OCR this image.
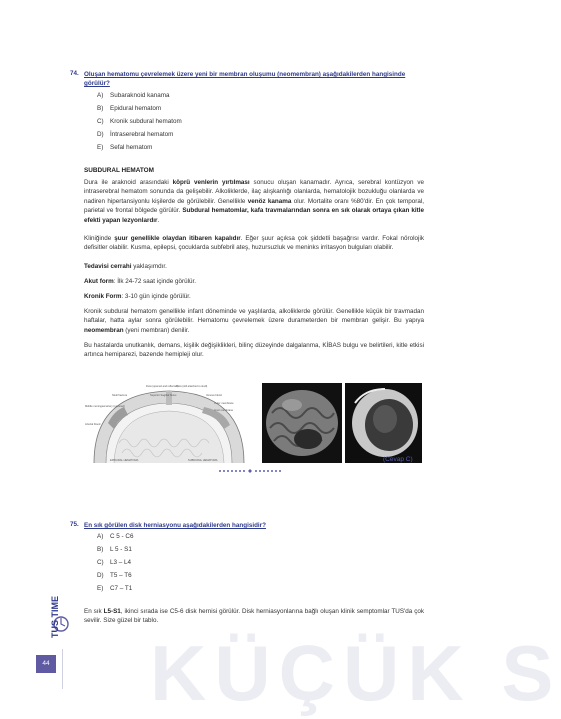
74. Oluşan hematomu çevrelemek üzere yeni bir membran oluşumu (neomembran) aşağıdakilerden hangisinde görülür?
A) Subaraknoid kanama
B) Epidural hematom
C) Kronik subdural hematom
D) İntraserebral hematom
E) Sefal hematom
SUBDURAL HEMATOM
Dura ile araknoid arasındaki köprü venlerin yırtılması sonucu oluşan kanamadır. Ayrıca, serebral kontüzyon ve intraserebral hematom sonunda da gelişebilir. Alkoliklerde, ilaç alışkanlığı olanlarda, hematolojik bozukluğu olanlarda ve nadiren hipertansiyonlu kişilerde de görülebilir. Genellikle venöz kanama olur. Mortalite oranı %80'dir. En çok temporal, parietal ve frontal bölgede görülür. Subdural hematomlar, kafa travmalarından sonra en sık olarak ortaya çıkan kitle efekti yapan lezyonlardır.
Kliniğinde şuur genellikle olaydan itibaren kapalıdır. Eğer şuur açıksa çok şiddetli başağrısı vardır. Fokal nörolojik defisitler olabilir. Kusma, epilepsi, çocuklarda subfebril ateş, huzursuzluk ve meninks irritasyon bulguları olabilir.
Tedavisi cerrahi yaklaşımdır.
Akut form: İlk 24-72 saat içinde görülür.
Kronik Form: 3-10 gün içinde görülür.
Kronik subdural hematom genellikle infant döneminde ve yaşlılarda, alkoliklerde görülür. Genellikle küçük bir travmadan haftalar, hatta aylar sonra görülebilir. Hematomu çevrelemek üzere durameterden bir membran gelişir. Bu yapıya neomembran (yeni membran) denilir.
Bu hastalarda unutkanlık, demans, kişilik değişiklikleri, bilinç düzeyinde dalgalanma, KİBAS bulgu ve belirtileri, kitle etkisi artınca hemiparezi, bazende hemipleji olur.
Dura (opened and reflected)
Dura (still attached to skull)
Skull fracture	Superior Sagittal Sinus	Venous blood
Middle meningeal artery (ruptured)
Outer membrane
Inner membrane
Arterial blood
EPIDURAL HEMATOMA	SUBDURAL HEMATOMA	(Cevap C)
75. En sık görülen disk herniasyonu aşağıdakilerden hangisidir?
A) C 5 - C6
B) L 5 - S1
C) L3 – L4
D) T5 – T6
E) C7 – T1
En sık L5-S1, ikinci sırada ise C5-6 disk hernisi görülür. Disk herniasyonlarına bağlı oluşan klinik semptomlar TUS'da çok sevilir. Size güzel bir tablo.
KÜÇÜK S
TUS TIME
44
